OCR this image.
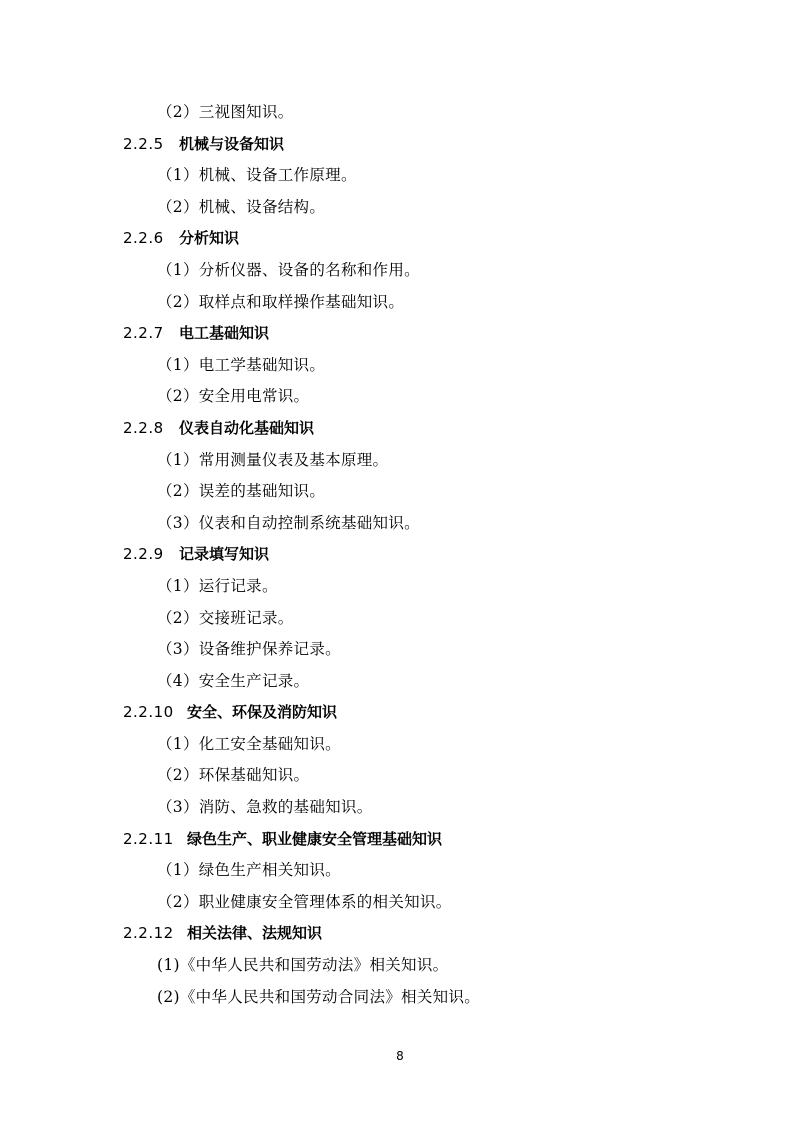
（2）三视图知识。
2.2.5 机械与设备知识
（1）机械、设备工作原理。
（2）机械、设备结构。
2.2.6 分析知识
（1）分析仪器、设备的名称和作用。
（2）取样点和取样操作基础知识。
2.2.7 电工基础知识
（1）电工学基础知识。
（2）安全用电常识。
2.2.8 仪表自动化基础知识
（1）常用测量仪表及基本原理。
（2）误差的基础知识。
（3）仪表和自动控制系统基础知识。
2.2.9 记录填写知识
（1）运行记录。
（2）交接班记录。
（3）设备维护保养记录。
（4）安全生产记录。
2.2.10 安全、环保及消防知识
（1）化工安全基础知识。
（2）环保基础知识。
（3）消防、急救的基础知识。
2.2.11 绿色生产、职业健康安全管理基础知识
（1）绿色生产相关知识。
（2）职业健康安全管理体系的相关知识。
2.2.12 相关法律、法规知识
(1)《中华人民共和国劳动法》相关知识。
(2)《中华人民共和国劳动合同法》相关知识。
8
